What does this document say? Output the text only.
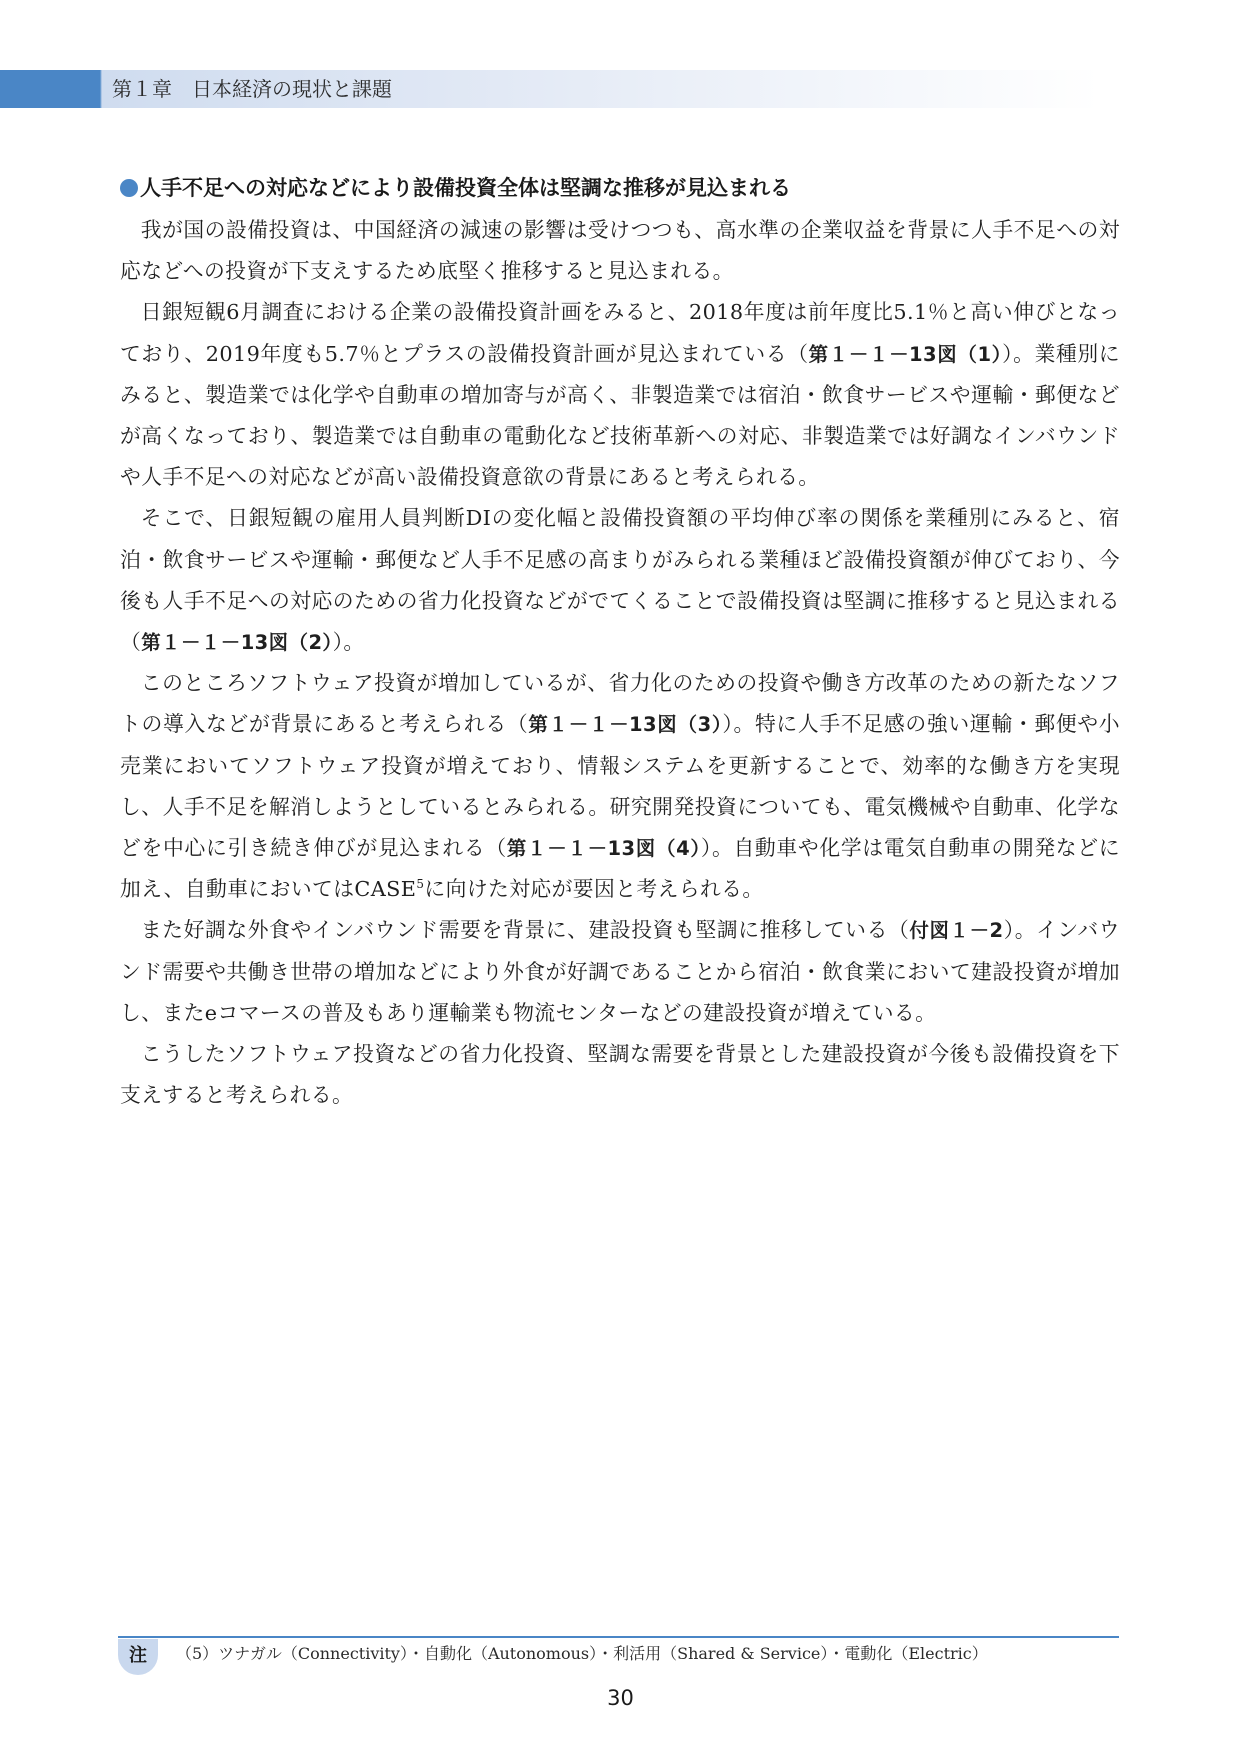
第１章　日本経済の現状と課題
人手不足への対応などにより設備投資全体は堅調な推移が見込まれる

我が国の設備投資は、中国経済の減速の影響は受けつつも、高水準の企業収益を背景に人手不足への対応などへの投資が下支えするため底堅く推移すると見込まれる。

日銀短観6月調査における企業の設備投資計画をみると、2018年度は前年度比5.1％と高い伸びとなっており、2019年度も5.7％とプラスの設備投資計画が見込まれている（第１－１－13図（1））。業種別にみると、製造業では化学や自動車の増加寄与が高く、非製造業では宿泊・飲食サービスや運輸・郵便などが高くなっており、製造業では自動車の電動化など技術革新への対応、非製造業では好調なインバウンドや人手不足への対応などが高い設備投資意欲の背景にあると考えられる。

そこで、日銀短観の雇用人員判断DIの変化幅と設備投資額の平均伸び率の関係を業種別にみると、宿泊・飲食サービスや運輸・郵便など人手不足感の高まりがみられる業種ほど設備投資額が伸びており、今後も人手不足への対応のための省力化投資などがでてくることで設備投資は堅調に推移すると見込まれる（第１－１－13図（2））。

このところソフトウェア投資が増加しているが、省力化のための投資や働き方改革のための新たなソフトの導入などが背景にあると考えられる（第１－１－13図（3））。特に人手不足感の強い運輸・郵便や小売業においてソフトウェア投資が増えており、情報システムを更新することで、効率的な働き方を実現し、人手不足を解消しようとしているとみられる。研究開発投資についても、電気機械や自動車、化学などを中心に引き続き伸びが見込まれる（第１－１－13図（4））。自動車や化学は電気自動車の開発などに加え、自動車においてはCASE$^5$に向けた対応が要因と考えられる。

また好調な外食やインバウンド需要を背景に、建設投資も堅調に推移している（付図１－2）。インバウンド需要や共働き世帯の増加などにより外食が好調であることから宿泊・飲食業において建設投資が増加し、またeコマースの普及もあり運輸業も物流センターなどの建設投資が増えている。

こうしたソフトウェア投資などの省力化投資、堅調な需要を背景とした建設投資が今後も設備投資を下支えすると考えられる。

注	（5）ツナガル（Connectivity）・自動化（Autonomous）・利活用（Shared & Service）・電動化（Electric）
30
